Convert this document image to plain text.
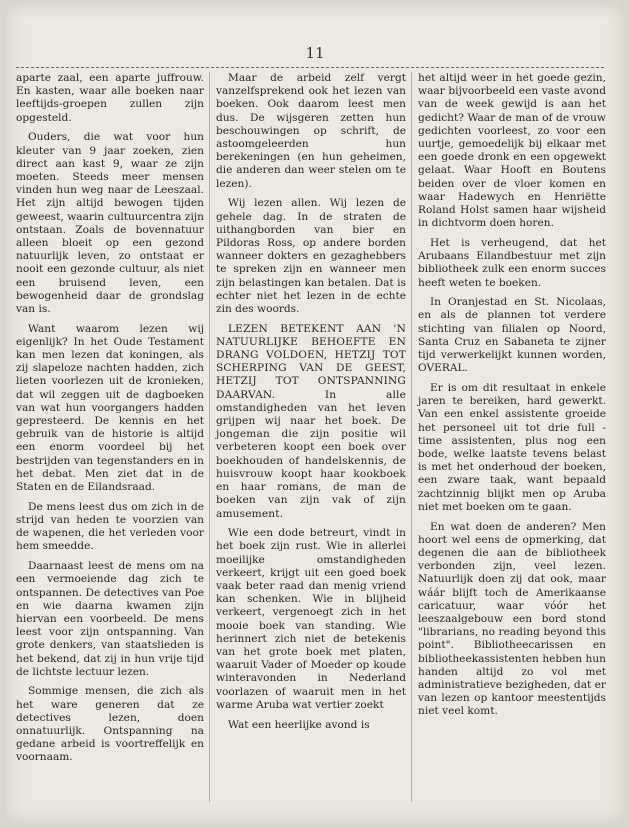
11

aparte zaal, een aparte juffrouw. En kasten, waar alle boeken naar leeftijds-groepen zullen zijn opgesteld.

Ouders, die wat voor hun kleuter van 9 jaar zoeken, zien direct aan kast 9, waar ze zijn moeten. Steeds meer mensen vinden hun weg naar de Leeszaal. Het zijn altijd bewogen tijden geweest, waarin cultuurcentra zijn ontstaan. Zoals de bovennatuur alleen bloeit op een gezond natuurlijk leven, zo ontstaat er nooit een gezonde cultuur, als niet een bruisend leven, een bewogenheid daar de grondslag van is.

Want waarom lezen wij eigenlijk? In het Oude Testament kan men lezen dat koningen, als zij slapeloze nachten hadden, zich lieten voorlezen uit de kronieken, dat wil zeggen uit de dagboeken van wat hun voorgangers hadden gepresteerd. De kennis en het gebruik van de historie is altijd een enorm voordeel bij het bestrijden van tegenstanders en in het debat. Men ziet dat in de Staten en de Eilandsraad.

De mens leest dus om zich in de strijd van heden te voorzien van de wapenen, die het verleden voor hem smeedde.

Daarnaast leest de mens om na een vermoeiende dag zich te ontspannen. De detectives van Poe en wie daarna kwamen zijn hiervan een voorbeeld. De mens leest voor zijn ontspanning. Van grote denkers, van staatslieden is het bekend, dat zij in hun vrije tijd de lichtste lectuur lezen.

Sommige mensen, die zich als het ware generen dat ze detectives lezen, doen onnatuurlijk. Ontspanning na gedane arbeid is voortreffelijk en voornaam.

Maar de arbeid zelf vergt vanzelfsprekend ook het lezen van boeken. Ook daarom leest men dus. De wijsgeren zetten hun beschouwingen op schrift, de astoomgeleerden hun berekeningen (en hun geheimen, die anderen dan weer stelen om te lezen).

Wij lezen allen. Wij lezen de gehele dag. In de straten de uithangborden van bier en Pildoras Ross, op andere borden wanneer dokters en gezaghebbers te spreken zijn en wanneer men zijn belastingen kan betalen. Dat is echter niet het lezen in de echte zin des woords.

LEZEN BETEKENT AAN 'N NATUURLIJKE BEHOEFTE EN DRANG VOLDOEN, HETZIJ TOT SCHERPING VAN DE GEEST, HETZIJ TOT ONTSPANNING DAARVAN. In alle omstandigheden van het leven grijpen wij naar het boek. De jongeman die zijn positie wil verbeteren koopt een boek over boekhouden of handelskennis, de huisvrouw koopt haar kookboek en haar romans, de man de boeken van zijn vak of zijn amusement.

Wie een dode betreurt, vindt in het boek zijn rust. Wie in allerlei moeilijke omstandigheden verkeert, krijgt uit een goed boek vaak beter raad dan menig vriend kan schenken. Wie in blijheid verkeert, vergenoegt zich in het mooie boek van standing. Wie herinnert zich niet de betekenis van het grote boek met platen, waaruit Vader of Moeder op koude winteravonden in Nederland voorlazen of waaruit men in het warme Aruba wat vertier zoekt

Wat een heerlijke avond is

het altijd weer in het goede gezin, waar bijvoorbeeld een vaste avond van de week gewijd is aan het gedicht? Waar de man of de vrouw gedichten voorleest, zo voor een uurtje, gemoedelijk bij elkaar met een goede dronk en een opgewekt gelaat. Waar Hooft en Boutens beiden over de vloer komen en waar Hadewych en Henriëtte Roland Holst samen haar wijsheid in dichtvorm doen horen.

Het is verheugend, dat het Arubaans Eilandbestuur met zijn bibliotheek zulk een enorm succes heeft weten te boeken.

In Oranjestad en St. Nicolaas, en als de plannen tot verdere stichting van filialen op Noord, Santa Cruz en Sabaneta te zijner tijd verwerkelijkt kunnen worden, OVERAL.

Er is om dit resultaat in enkele jaren te bereiken, hard gewerkt. Van een enkel assistente groeide het personeel uit tot drie full - time assistenten, plus nog een bode, welke laatste tevens belast is met het onderhoud der boeken, een zware taak, want bepaald zachtzinnig blijkt men op Aruba niet met boeken om te gaan.

En wat doen de anderen? Men hoort wel eens de opmerking, dat degenen die aan de bibliotheek verbonden zijn, veel lezen. Natuurlijk doen zij dat ook, maar wáár blijft toch de Amerikaanse caricatuur, waar vóór het leeszaalgebouw een bord stond "librarians, no reading beyond this point". Bibliotheecarissen en bibliotheekassistenten hebben hun handen altijd zo vol met administratieve bezigheden, dat er van lezen op kantoor meestentijds niet veel komt.
